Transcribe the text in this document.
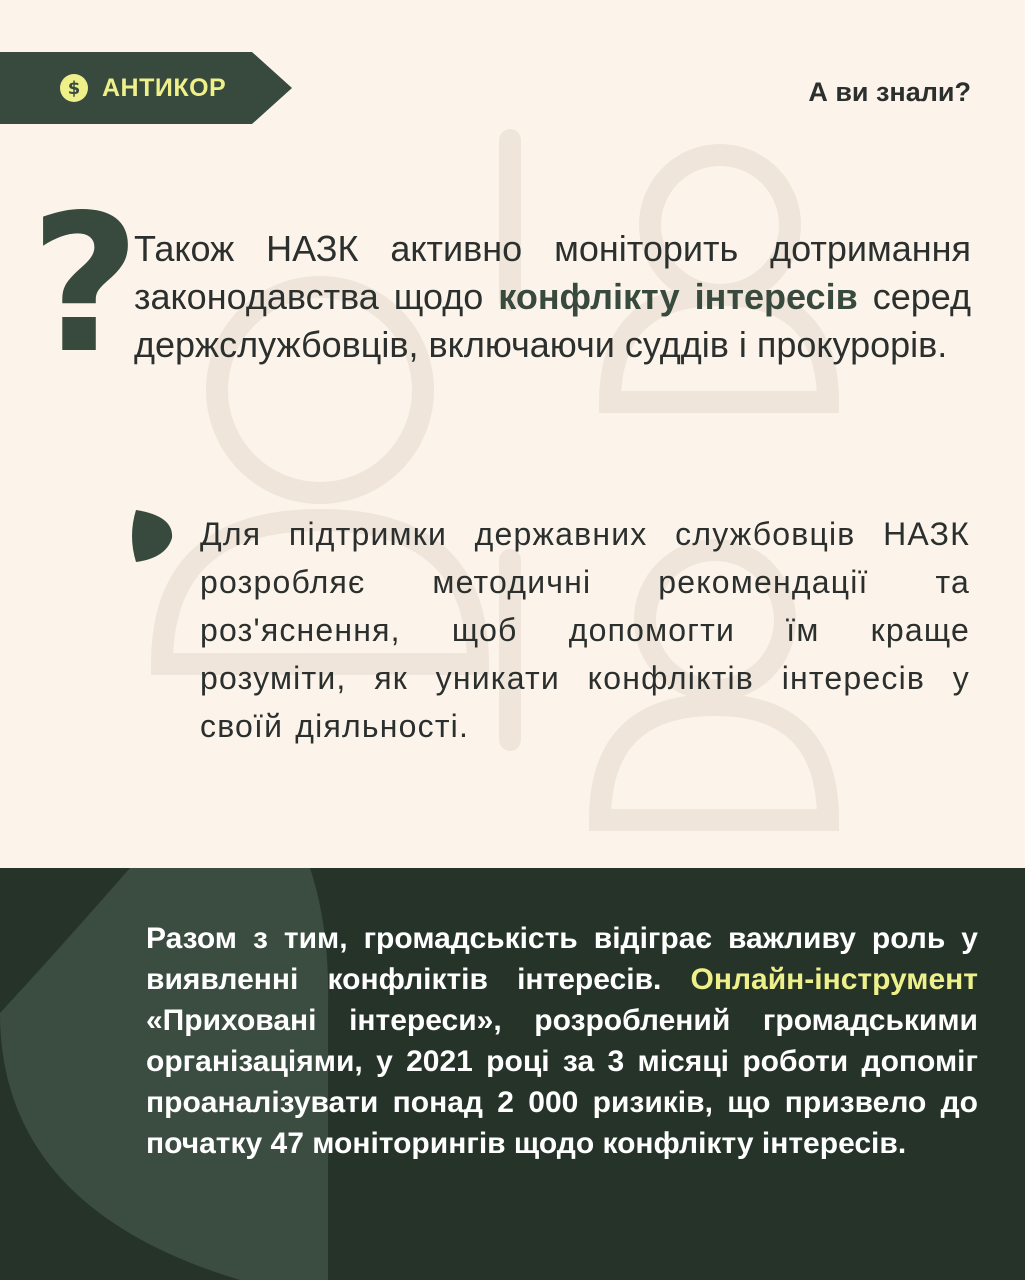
$ АНТИКОР	А ви знали?
?

Також НАЗК активно моніторить дотримання законодавства щодо конфлікту інтересів серед держслужбовців, включаючи суддів і прокурорів.

Для підтримки державних службовців НАЗК розробляє методичні рекомендації та роз'яснення, щоб допомогти їм краще розуміти, як уникати конфліктів інтересів у своїй діяльності.

Разом з тим, громадськість відіграє важливу роль у виявленні конфліктів інтересів. Онлайн-інструмент «Приховані інтереси», розроблений громадськими організаціями, у 2021 році за 3 місяці роботи допоміг проаналізувати понад 2 000 ризиків, що призвело до початку 47 моніторингів щодо конфлікту інтересів.
